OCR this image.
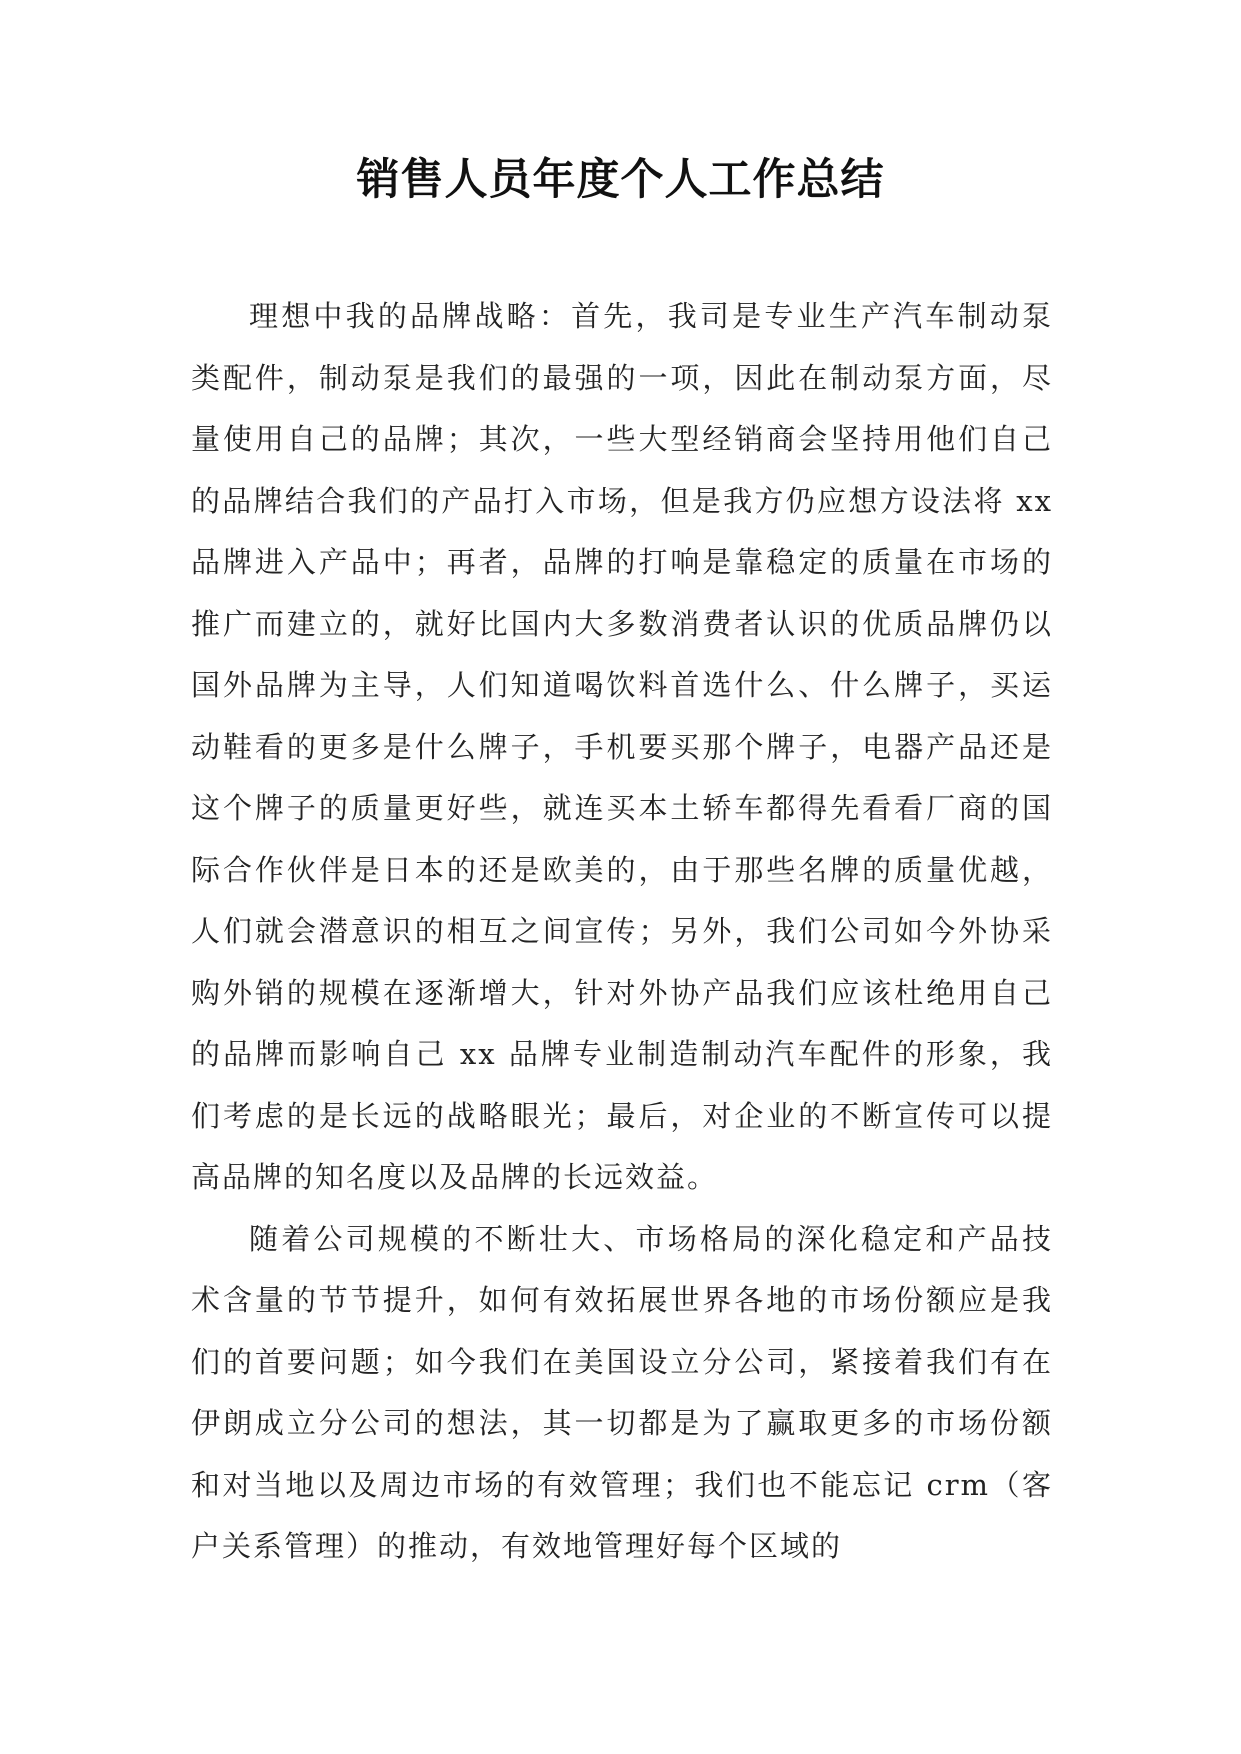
销售人员年度个人工作总结

理想中我的品牌战略：首先，我司是专业生产汽车制动泵类配件，制动泵是我们的最强的一项，因此在制动泵方面，尽量使用自己的品牌；其次，一些大型经销商会坚持用他们自己的品牌结合我们的产品打入市场，但是我方仍应想方设法将 xx 品牌进入产品中；再者，品牌的打响是靠稳定的质量在市场的推广而建立的，就好比国内大多数消费者认识的优质品牌仍以国外品牌为主导，人们知道喝饮料首选什么、什么牌子，买运动鞋看的更多是什么牌子，手机要买那个牌子，电器产品还是这个牌子的质量更好些，就连买本土轿车都得先看看厂商的国际合作伙伴是日本的还是欧美的，由于那些名牌的质量优越，人们就会潜意识的相互之间宣传；另外，我们公司如今外协采购外销的规模在逐渐增大，针对外协产品我们应该杜绝用自己的品牌而影响自己 xx 品牌专业制造制动汽车配件的形象，我们考虑的是长远的战略眼光；最后，对企业的不断宣传可以提高品牌的知名度以及品牌的长远效益。

随着公司规模的不断壮大、市场格局的深化稳定和产品技术含量的节节提升，如何有效拓展世界各地的市场份额应是我们的首要问题；如今我们在美国设立分公司，紧接着我们有在伊朗成立分公司的想法，其一切都是为了赢取更多的市场份额和对当地以及周边市场的有效管理；我们也不能忘记 crm（客户关系管理）的推动，有效地管理好每个区域的
